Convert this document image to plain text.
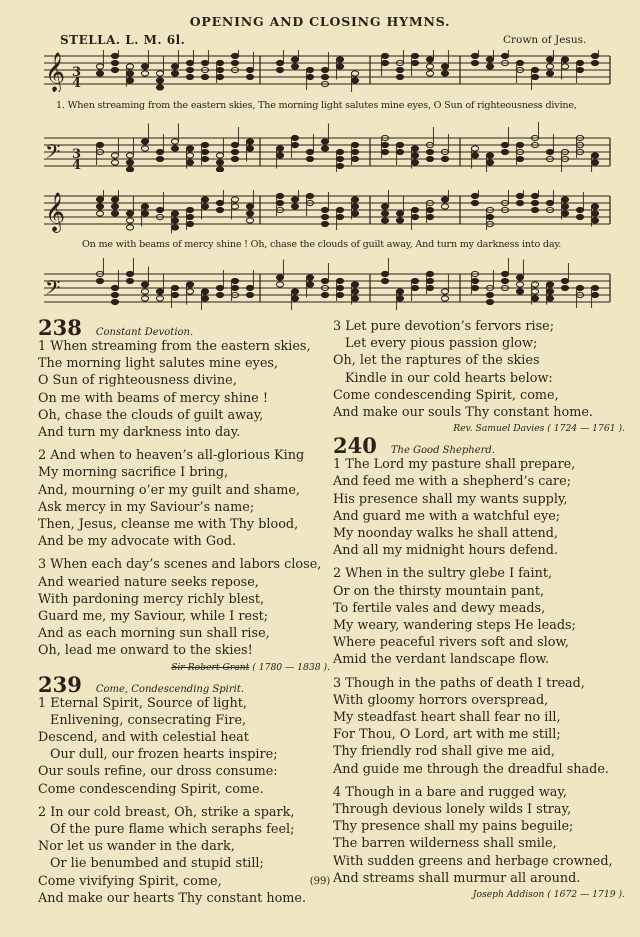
OPENING AND CLOSING HYMNS.
STELLA. L. M. 6l.	Crown of Jesus.
𝄞 3
4
1. When streaming from the eastern skies, The morning light salutes mine eyes, O Sun of righteousness divine,
𝄢 3
4
𝄞
On me with beams of mercy shine ! Oh, chase the clouds of guilt away, And turn my darkness into day.
𝄢
238 Constant Devotion.
1 When streaming from the eastern skies,
The morning light salutes mine eyes,
O Sun of righteousness divine,
On me with beams of mercy shine !
Oh, chase the clouds of guilt away,
And turn my darkness into day.
2 And when to heaven’s all-glorious King
My morning sacrifice I bring,
And, mourning o’er my guilt and shame,
Ask mercy in my Saviour’s name;
Then, Jesus, cleanse me with Thy blood,
And be my advocate with God.
3 When each day’s scenes and labors close,
And wearied nature seeks repose,
With pardoning mercy richly blest,
Guard me, my Saviour, while I rest;
And as each morning sun shall rise,
Oh, lead me onward to the skies!
Sir Robert Grant ( 1780 — 1838 ).
239 Come, Condescending Spirit.
1 Eternal Spirit, Source of light,
Enlivening, consecrating Fire,
Descend, and with celestial heat
Our dull, our frozen hearts inspire;
Our souls refine, our dross consume:
Come condescending Spirit, come.
2 In our cold breast, Oh, strike a spark,
Of the pure flame which seraphs feel;
Nor let us wander in the dark,
Or lie benumbed and stupid still;
Come vivifying Spirit, come,
And make our hearts Thy constant home.
3 Let pure devotion’s fervors rise;
Let every pious passion glow;
Oh, let the raptures of the skies
Kindle in our cold hearts below:
Come condescending Spirit, come,
And make our souls Thy constant home.
Rev. Samuel Davies ( 1724 — 1761 ).
240 The Good Shepherd.
1 The Lord my pasture shall prepare,
And feed me with a shepherd’s care;
His presence shall my wants supply,
And guard me with a watchful eye;
My noonday walks he shall attend,
And all my midnight hours defend.
2 When in the sultry glebe I faint,
Or on the thirsty mountain pant,
To fertile vales and dewy meads,
My weary, wandering steps He leads;
Where peaceful rivers soft and slow,
Amid the verdant landscape flow.
3 Though in the paths of death I tread,
With gloomy horrors overspread,
My steadfast heart shall fear no ill,
For Thou, O Lord, art with me still;
Thy friendly rod shall give me aid,
And guide me through the dreadful shade.
4 Though in a bare and rugged way,
Through devious lonely wilds I stray,
Thy presence shall my pains beguile;
The barren wilderness shall smile,
With sudden greens and herbage crowned,
And streams shall murmur all around.
Joseph Addison ( 1672 — 1719 ).
(99)
